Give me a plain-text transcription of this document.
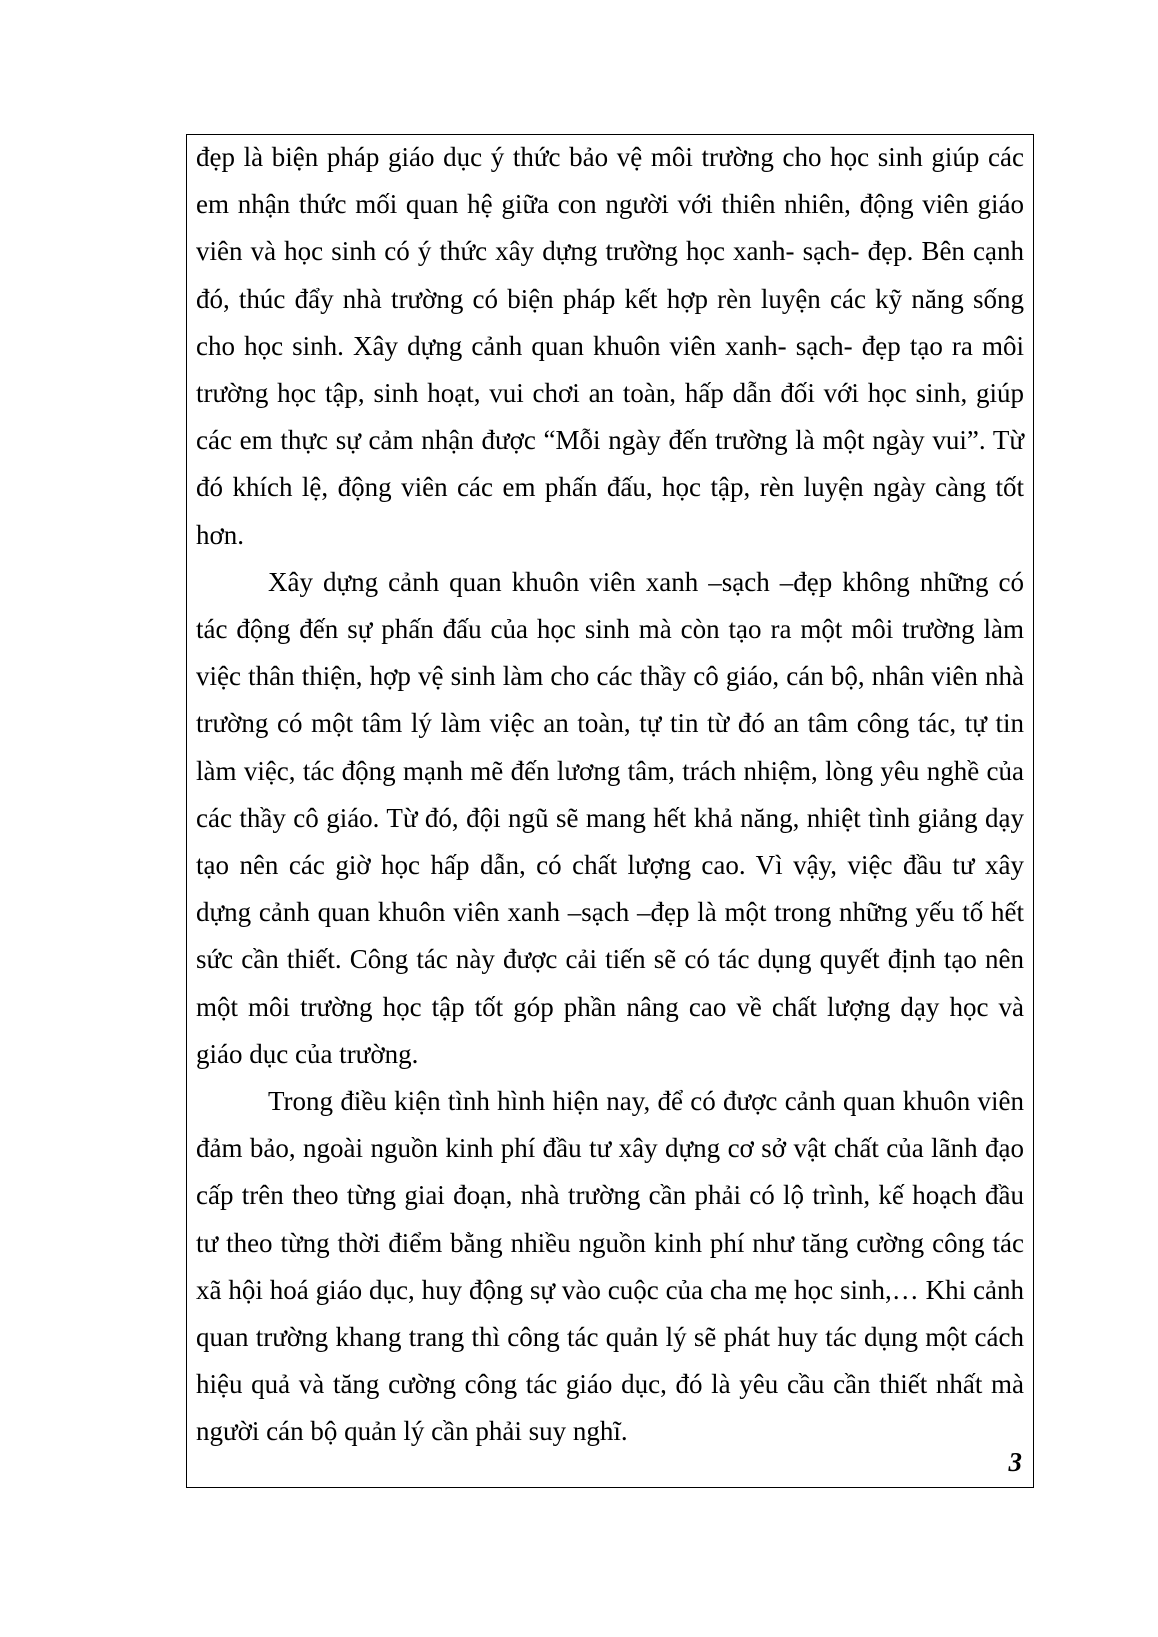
đẹp là biện pháp giáo dục ý thức bảo vệ môi trường cho học sinh giúp các em nhận thức mối quan hệ giữa con người với thiên nhiên, động viên giáo viên và học sinh có ý thức xây dựng trường học xanh- sạch- đẹp. Bên cạnh đó, thúc đẩy nhà trường có biện pháp kết hợp rèn luyện các kỹ năng sống cho học sinh. Xây dựng cảnh quan khuôn viên xanh- sạch- đẹp tạo ra môi trường học tập, sinh hoạt, vui chơi an toàn, hấp dẫn đối với học sinh, giúp các em thực sự cảm nhận được “Mỗi ngày đến trường là một ngày vui”. Từ đó khích lệ, động viên các em phấn đấu, học tập, rèn luyện ngày càng tốt hơn.

Xây dựng cảnh quan khuôn viên xanh –sạch –đẹp không những có tác động đến sự phấn đấu của học sinh mà còn tạo ra một môi trường làm việc thân thiện, hợp vệ sinh làm cho các thầy cô giáo, cán bộ, nhân viên nhà trường có một tâm lý làm việc an toàn, tự tin từ đó an tâm công tác, tự tin làm việc, tác động mạnh mẽ đến lương tâm, trách nhiệm, lòng yêu nghề của các thầy cô giáo. Từ đó, đội ngũ sẽ mang hết khả năng, nhiệt tình giảng dạy tạo nên các giờ học hấp dẫn, có chất lượng cao. Vì vậy, việc đầu tư xây dựng cảnh quan khuôn viên xanh –sạch –đẹp là một trong những yếu tố hết sức cần thiết. Công tác này được cải tiến sẽ có tác dụng quyết định tạo nên một môi trường học tập tốt góp phần nâng cao về chất lượng dạy học và giáo dục của trường.

Trong điều kiện tình hình hiện nay, để có được cảnh quan khuôn viên đảm bảo, ngoài nguồn kinh phí đầu tư xây dựng cơ sở vật chất của lãnh đạo cấp trên theo từng giai đoạn, nhà trường cần phải có lộ trình, kế hoạch đầu tư theo từng thời điểm bằng nhiều nguồn kinh phí như tăng cường công tác xã hội hoá giáo dục, huy động sự vào cuộc của cha mẹ học sinh,… Khi cảnh quan trường khang trang thì công tác quản lý sẽ phát huy tác dụng một cách hiệu quả và tăng cường công tác giáo dục, đó là yêu cầu cần thiết nhất mà người cán bộ quản lý cần phải suy nghĩ.

3
